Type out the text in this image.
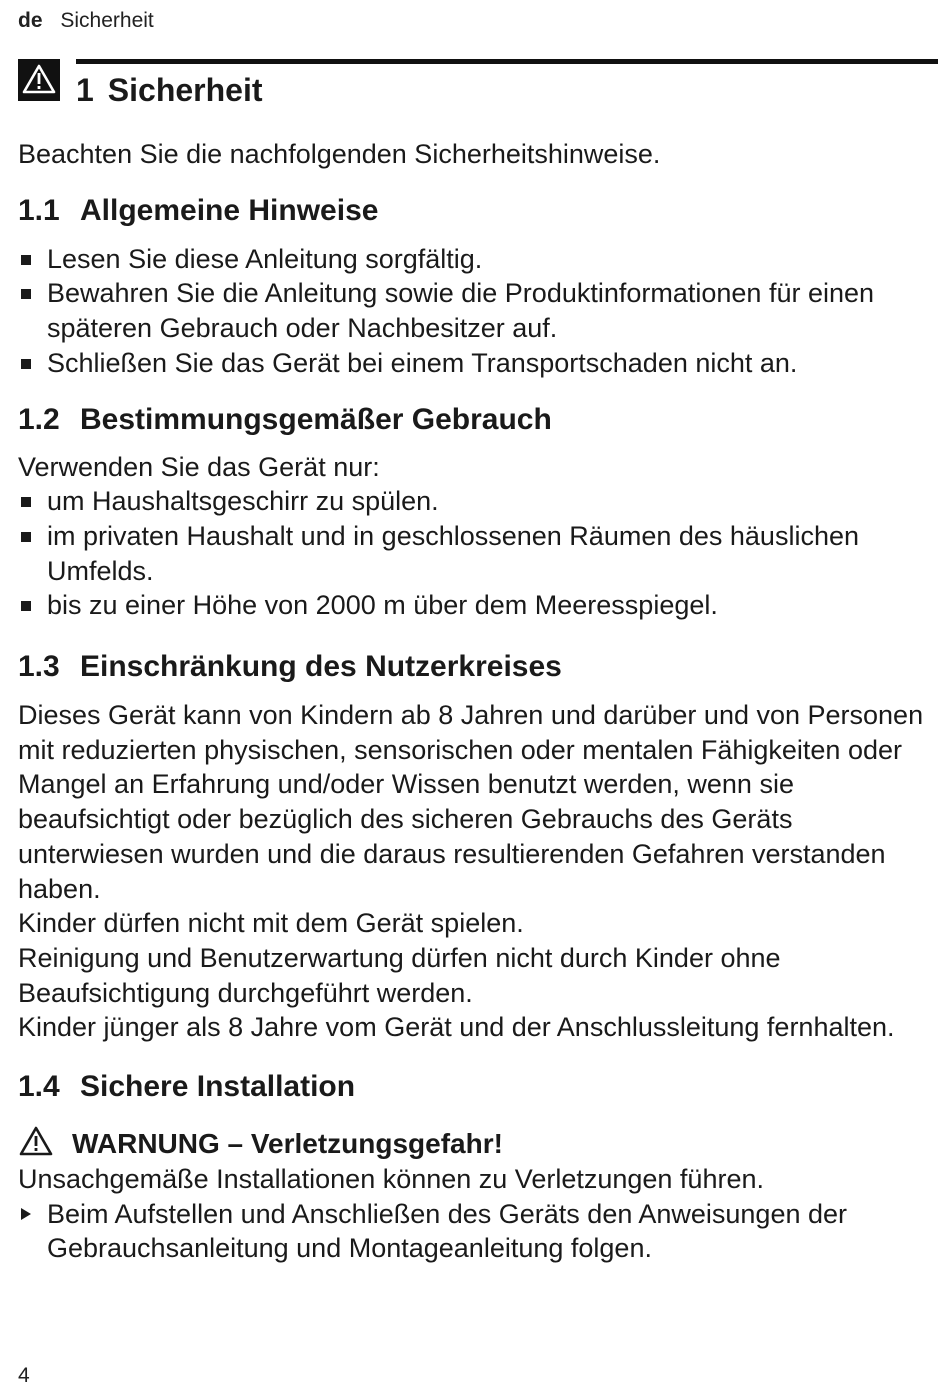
de Sicherheit
1 Sicherheit

Beachten Sie die nachfolgenden Sicherheitshinweise.

1.1 Allgemeine Hinweise
Lesen Sie diese Anleitung sorgfältig.
Bewahren Sie die Anleitung sowie die Produktinformationen für einen späteren Gebrauch oder Nachbesitzer auf.
Schließen Sie das Gerät bei einem Transportschaden nicht an.
1.2 Bestimmungsgemäßer Gebrauch

Verwenden Sie das Gerät nur:

um Haushaltsgeschirr zu spülen.
im privaten Haushalt und in geschlossenen Räumen des häuslichen Umfelds.
bis zu einer Höhe von 2000 m über dem Meeresspiegel.
1.3 Einschränkung des Nutzerkreises

Dieses Gerät kann von Kindern ab 8 Jahren und darüber und von Personen mit reduzierten physischen, sensorischen oder mentalen Fähigkeiten oder Mangel an Erfahrung und/oder Wissen benutzt werden, wenn sie beaufsichtigt oder bezüglich des sicheren Gebrauchs des Geräts unterwiesen wurden und die daraus resultierenden Gefahren verstanden haben.

Kinder dürfen nicht mit dem Gerät spielen.

Reinigung und Benutzerwartung dürfen nicht durch Kinder ohne Beaufsichtigung durchgeführt werden.

Kinder jünger als 8 Jahre vom Gerät und der Anschlussleitung fernhalten.

1.4 Sichere Installation
WARNUNG – Verletzungsgefahr!

Unsachgemäße Installationen können zu Verletzungen führen.

Beim Aufstellen und Anschließen des Geräts den Anweisungen der Gebrauchsanleitung und Montageanleitung folgen.
4
